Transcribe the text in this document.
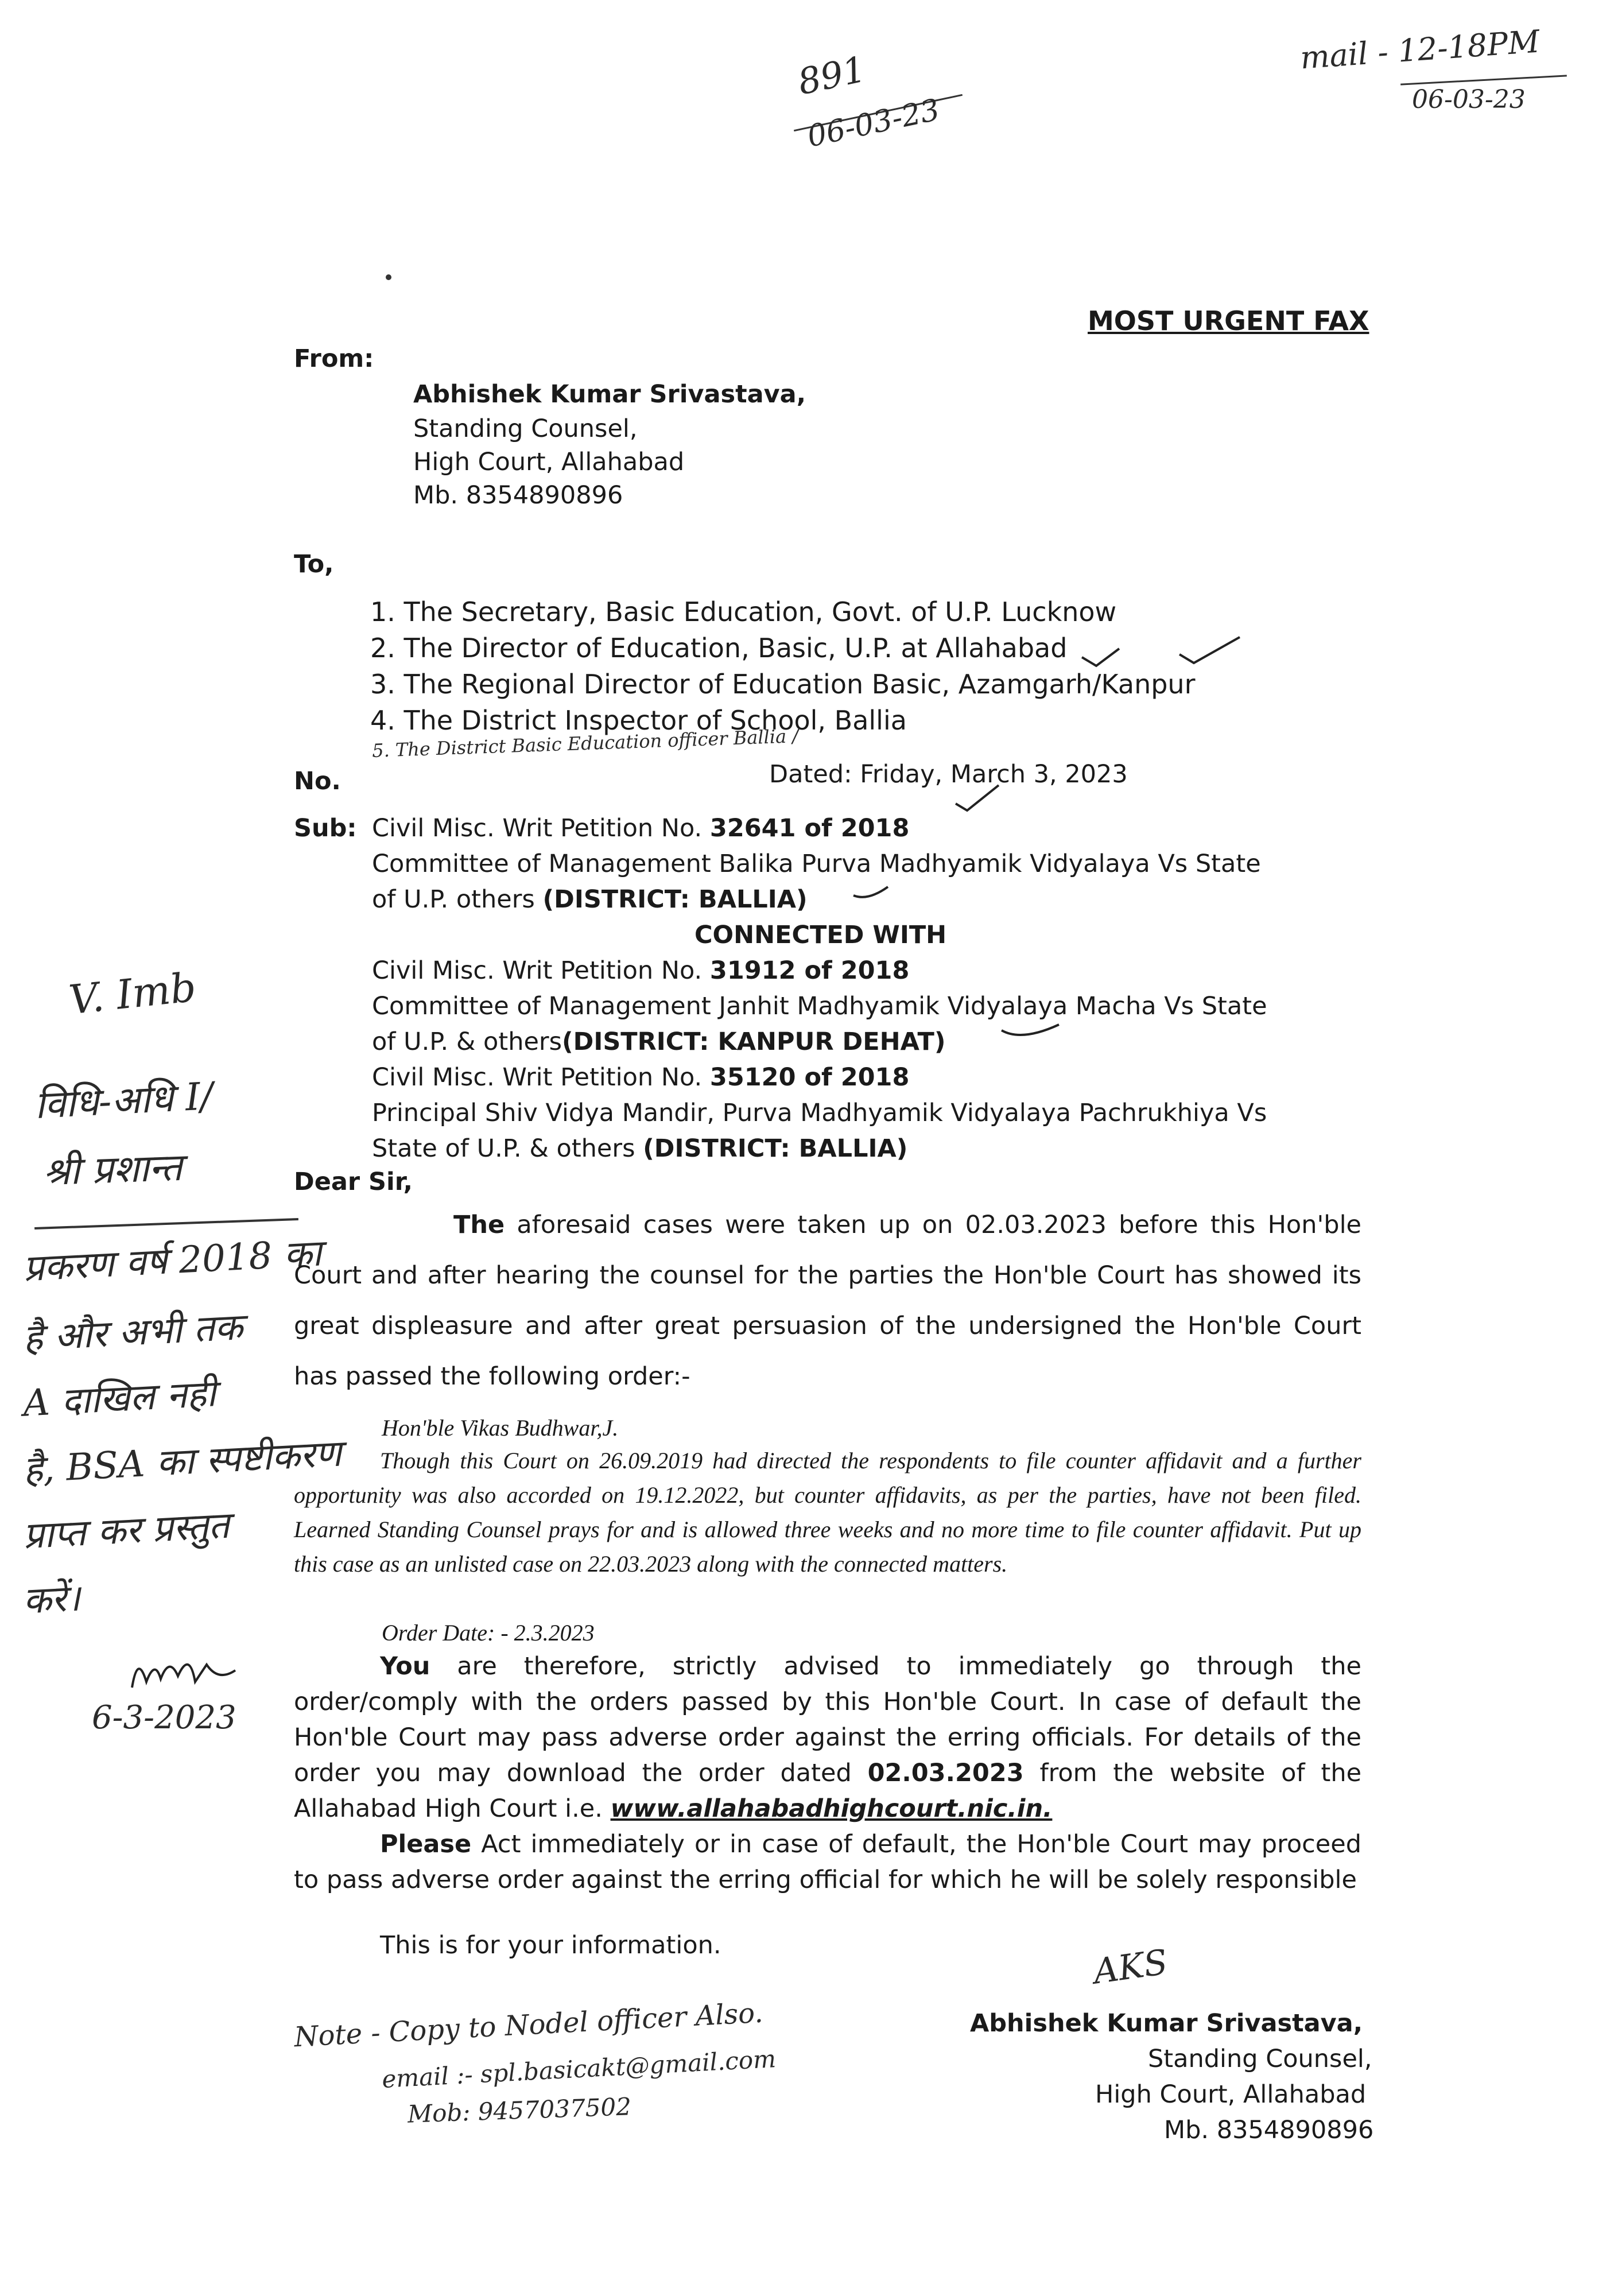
891
06-03-23
mail - 12-18PM
06-03-23
MOST URGENT FAX
From:
Abhishek Kumar Srivastava,
Standing Counsel,
High Court, Allahabad
Mb. 8354890896
To,
1. The Secretary, Basic Education, Govt. of U.P. Lucknow
2. The Director of Education, Basic, U.P. at Allahabad
3. The Regional Director of Education Basic, Azamgarh/Kanpur
4. The District Inspector of School, Ballia
5. The District Basic Education officer Ballia /
No.	Dated: Friday, March 3, 2023
Sub: Civil Misc. Writ Petition No. 32641 of 2018
Committee of Management Balika Purva Madhyamik Vidyalaya Vs State
of U.P. others (DISTRICT: BALLIA)
CONNECTED WITH
Civil Misc. Writ Petition No. 31912 of 2018
Committee of Management Janhit Madhyamik Vidyalaya Macha Vs State
of U.P. & others(DISTRICT: KANPUR DEHAT)
Civil Misc. Writ Petition No. 35120 of 2018
Principal Shiv Vidya Mandir, Purva Madhyamik Vidyalaya Pachrukhiya Vs
State of U.P. & others (DISTRICT: BALLIA)
V. Imb
विधि-अधि I/
श्री प्रशान्त
प्रकरण वर्ष 2018 का
है और अभी तक
A दाखिल नही
है, BSA का स्पष्टीकरण
प्राप्त कर प्रस्तुत
करें।
6-3-2023
Dear Sir,
The aforesaid cases were taken up on 02.03.2023 before this Hon'ble Court and after hearing the counsel for the parties the Hon'ble Court has showed its great displeasure and after great persuasion of the undersigned the Hon'ble Court has passed the following order:-
Hon'ble Vikas Budhwar,J.
Though this Court on 26.09.2019 had directed the respondents to file counter affidavit and a further opportunity was also accorded on 19.12.2022, but counter affidavits, as per the parties, have not been filed. Learned Standing Counsel prays for and is allowed three weeks and no more time to file counter affidavit. Put up this case as an unlisted case on 22.03.2023 along with the connected matters.
Order Date: - 2.3.2023
You are therefore, strictly advised to immediately go through the order/comply with the orders passed by this Hon'ble Court. In case of default the Hon'ble Court may pass adverse order against the erring officials. For details of the order you may download the order dated 02.03.2023 from the website of the Allahabad High Court i.e. www.allahabadhighcourt.nic.in.
Please Act immediately or in case of default, the Hon'ble Court may proceed to pass adverse order against the erring official for which he will be solely responsible
This is for your information.	AKS
Abhishek Kumar Srivastava,
Standing Counsel,
High Court, Allahabad
Mb. 8354890896
Note - Copy to Nodel officer Also.
email :- spl.basicakt@gmail.com
Mob: 9457037502
